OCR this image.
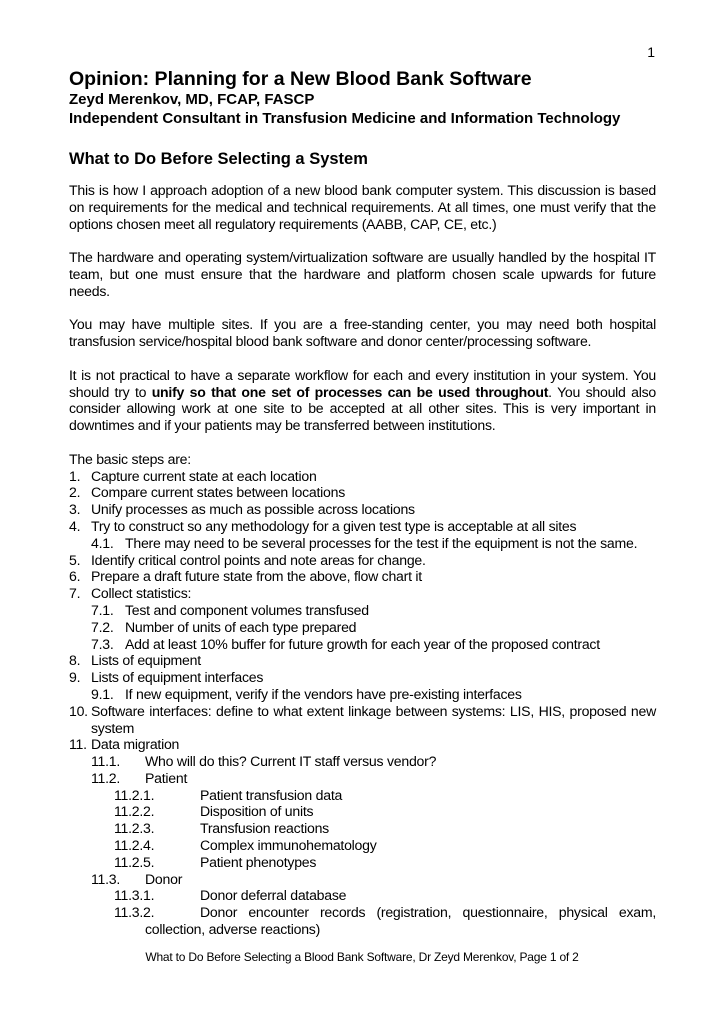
1
Opinion: Planning for a New Blood Bank Software
Zeyd Merenkov, MD, FCAP, FASCP
Independent Consultant in Transfusion Medicine and Information Technology
What to Do Before Selecting a System

This is how I approach adoption of a new blood bank computer system. This discussion is based on requirements for the medical and technical requirements. At all times, one must verify that the options chosen meet all regulatory requirements (AABB, CAP, CE, etc.)

The hardware and operating system/virtualization software are usually handled by the hospital IT team, but one must ensure that the hardware and platform chosen scale upwards for future needs.

You may have multiple sites. If you are a free-standing center, you may need both hospital transfusion service/hospital blood bank software and donor center/processing software.

It is not practical to have a separate workflow for each and every institution in your system. You should try to unify so that one set of processes can be used throughout. You should also consider allowing work at one site to be accepted at all other sites. This is very important in downtimes and if your patients may be transferred between institutions.

The basic steps are:
1. Capture current state at each location
2. Compare current states between locations
3. Unify processes as much as possible across locations
4. Try to construct so any methodology for a given test type is acceptable at all sites
4.1. There may need to be several processes for the test if the equipment is not the same.
5. Identify critical control points and note areas for change.
6. Prepare a draft future state from the above, flow chart it
7. Collect statistics:
7.1. Test and component volumes transfused
7.2. Number of units of each type prepared
7.3. Add at least 10% buffer for future growth for each year of the proposed contract
8. Lists of equipment
9. Lists of equipment interfaces
9.1. If new equipment, verify if the vendors have pre-existing interfaces
10. Software interfaces: define to what extent linkage between systems: LIS, HIS, proposed new system
11. Data migration
11.1. Who will do this? Current IT staff versus vendor?
11.2. Patient
11.2.1.	Patient transfusion data
11.2.2.	Disposition of units
11.2.3.	Transfusion reactions
11.2.4.	Complex immunohematology
11.2.5.	Patient phenotypes
11.3. Donor
11.3.1.	Donor deferral database
11.3.2.	Donor encounter records (registration, questionnaire, physical exam,
collection, adverse reactions)
What to Do Before Selecting a Blood Bank Software, Dr Zeyd Merenkov, Page 1 of 2
